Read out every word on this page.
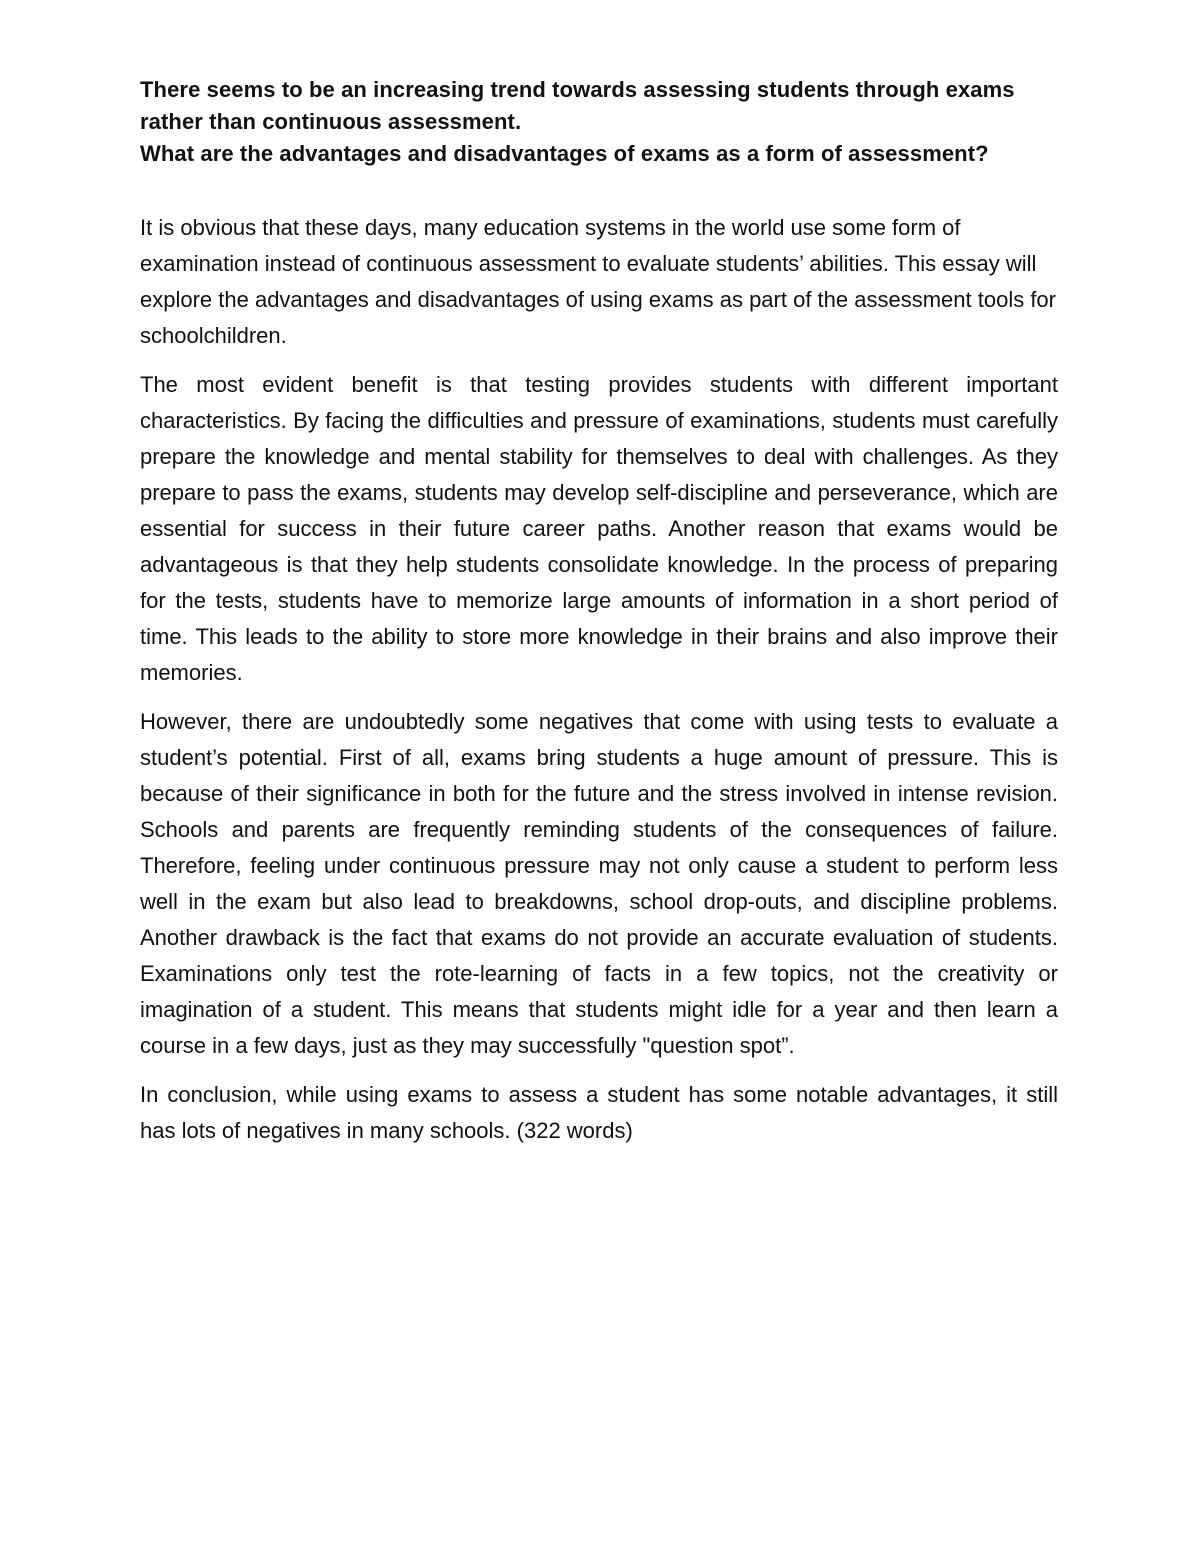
There seems to be an increasing trend towards assessing students through exams rather than continuous assessment.

What are the advantages and disadvantages of exams as a form of assessment?

It is obvious that these days, many education systems in the world use some form of examination instead of continuous assessment to evaluate students’ abilities. This essay will explore the advantages and disadvantages of using exams as part of the assessment tools for schoolchildren.

The most evident benefit is that testing provides students with different important characteristics. By facing the difficulties and pressure of examinations, students must carefully prepare the knowledge and mental stability for themselves to deal with challenges. As they prepare to pass the exams, students may develop self-discipline and perseverance, which are essential for success in their future career paths. Another reason that exams would be advantageous is that they help students consolidate knowledge. In the process of preparing for the tests, students have to memorize large amounts of information in a short period of time. This leads to the ability to store more knowledge in their brains and also improve their memories.

However, there are undoubtedly some negatives that come with using tests to evaluate a student’s potential. First of all, exams bring students a huge amount of pressure. This is because of their significance in both for the future and the stress involved in intense revision. Schools and parents are frequently reminding students of the consequences of failure. Therefore, feeling under continuous pressure may not only cause a student to perform less well in the exam but also lead to breakdowns, school drop-outs, and discipline problems. Another drawback is the fact that exams do not provide an accurate evaluation of students. Examinations only test the rote-learning of facts in a few topics, not the creativity or imagination of a student. This means that students might idle for a year and then learn a course in a few days, just as they may successfully "question spot”.

In conclusion, while using exams to assess a student has some notable advantages, it still has lots of negatives in many schools. (322 words)
